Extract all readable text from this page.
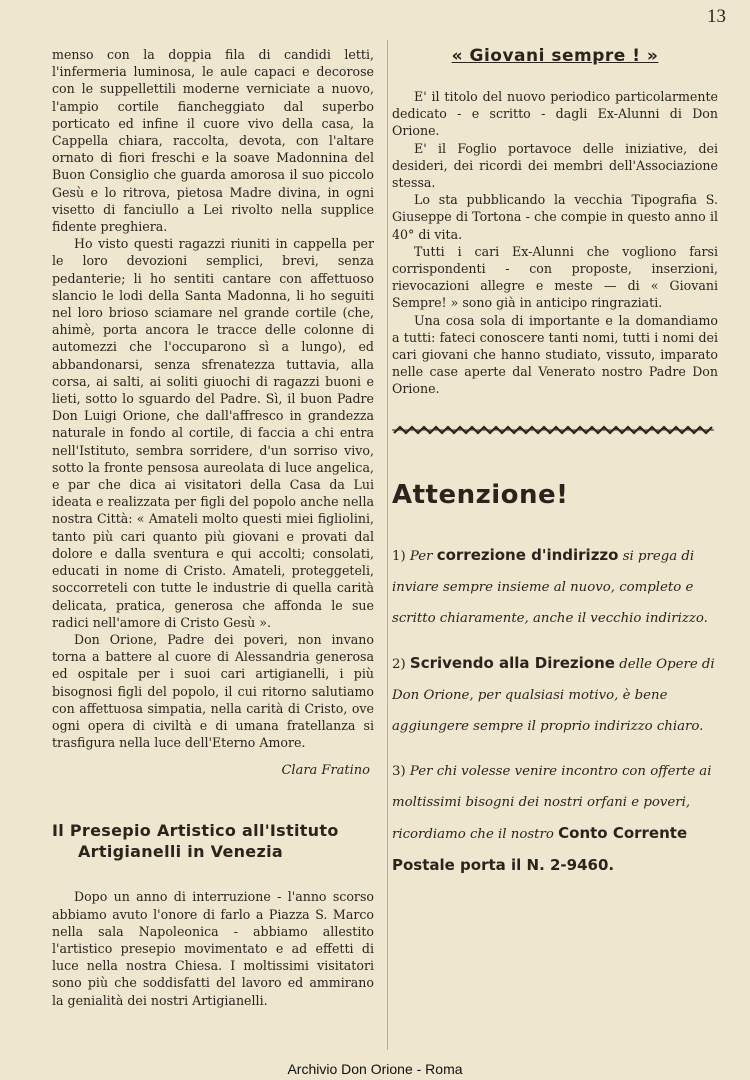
13

menso con la doppia fila di candidi letti, l'infermeria luminosa, le aule capaci e decorose con le suppellettili moderne verniciate a nuovo, l'ampio cortile fiancheggiato dal superbo porticato ed infine il cuore vivo della casa, la Cappella chiara, raccolta, devota, con l'altare ornato di fiori freschi e la soave Madonnina del Buon Consiglio che guarda amorosa il suo piccolo Gesù e lo ritrova, pietosa Madre divina, in ogni visetto di fanciullo a Lei rivolto nella supplice fidente preghiera.

Ho visto questi ragazzi riuniti in cappella per le loro devozioni semplici, brevi, senza pedanterie; li ho sentiti cantare con affettuoso slancio le lodi della Santa Madonna, li ho seguiti nel loro brioso sciamare nel grande cortile (che, ahimè, porta ancora le tracce delle colonne di automezzi che l'occuparono sì a lungo), ed abbandonarsi, senza sfrenatezza tuttavia, alla corsa, ai salti, ai soliti giuochi di ragazzi buoni e lieti, sotto lo sguardo del Padre. Sì, il buon Padre Don Luigi Orione, che dall'affresco in grandezza naturale in fondo al cortile, di faccia a chi entra nell'Istituto, sembra sorridere, d'un sorriso vivo, sotto la fronte pensosa aureolata di luce angelica, e par che dica ai visitatori della Casa da Lui ideata e realizzata per figli del popolo anche nella nostra Città: « Amateli molto questi miei figliolini, tanto più cari quanto più giovani e provati dal dolore e dalla sventura e qui accolti; consolati, educati in nome di Cristo. Amateli, proteggeteli, soccorreteli con tutte le industrie di quella carità delicata, pratica, generosa che affonda le sue radici nell'amore di Cristo Gesù ».

Don Orione, Padre dei poveri, non invano torna a battere al cuore di Alessandria generosa ed ospitale per i suoi cari artigianelli, i più bisognosi figli del popolo, il cui ritorno salutiamo con affettuosa simpatia, nella carità di Cristo, ove ogni opera di civiltà e di umana fratellanza si trasfigura nella luce dell'Eterno Amore.

Clara Fratino
Il Presepio Artistico all'Istituto
Artigianelli in Venezia

Dopo un anno di interruzione - l'anno scorso abbiamo avuto l'onore di farlo a Piazza S. Marco nella sala Napoleonica - abbiamo allestito l'artistico presepio movimentato e ad effetti di luce nella nostra Chiesa. I moltissimi visitatori sono più che soddisfatti del lavoro ed ammirano la genialità dei nostri Artigianelli.

« Giovani sempre ! »

E' il titolo del nuovo periodico particolarmente dedicato - e scritto - dagli Ex-Alunni di Don Orione.

E' il Foglio portavoce delle iniziative, dei desideri, dei ricordi dei membri dell'Associazione stessa.

Lo sta pubblicando la vecchia Tipografia S. Giuseppe di Tortona - che compie in questo anno il 40° di vita.

Tutti i cari Ex-Alunni che vogliono farsi corrispondenti - con proposte, inserzioni, rievocazioni allegre e meste — di « Giovani Sempre! » sono già in anticipo ringraziati.

Una cosa sola di importante e la domandiamo a tutti: fateci conoscere tanti nomi, tutti i nomi dei cari giovani che hanno studiato, vissuto, imparato nelle case aperte dal Venerato nostro Padre Don Orione.

Attenzione!
1) Per correzione d'indirizzo si prega di inviare sempre insieme al nuovo, completo e scritto chiaramente, anche il vecchio indirizzo.
2) Scrivendo alla Direzione delle Opere di Don Orione, per qualsiasi motivo, è bene aggiungere sempre il proprio indirizzo chiaro.
3) Per chi volesse venire incontro con offerte ai moltissimi bisogni dei nostri orfani e poveri, ricordiamo che il nostro Conto Corrente Postale porta il N. 2-9460.
Archivio Don Orione - Roma
